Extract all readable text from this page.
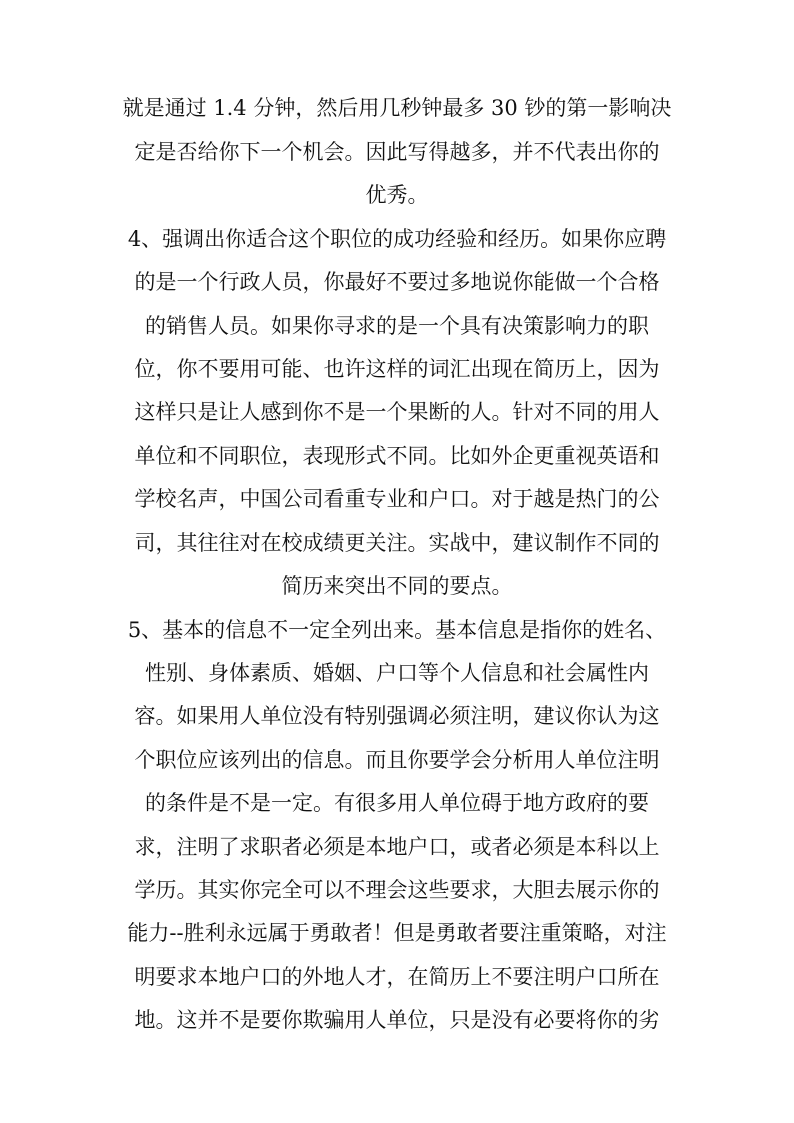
就是通过 1.4 分钟，然后用几秒钟最多 30 钞的第一影响决
定是否给你下一个机会。因此写得越多，并不代表出你的
优秀。
4、强调出你适合这个职位的成功经验和经历。如果你应聘
的是一个行政人员，你最好不要过多地说你能做一个合格
的销售人员。如果你寻求的是一个具有决策影响力的职
位，你不要用可能、也许这样的词汇出现在简历上，因为
这样只是让人感到你不是一个果断的人。针对不同的用人
单位和不同职位，表现形式不同。比如外企更重视英语和
学校名声，中国公司看重专业和户口。对于越是热门的公
司，其往往对在校成绩更关注。实战中，建议制作不同的
简历来突出不同的要点。
5、基本的信息不一定全列出来。基本信息是指你的姓名、
性别、身体素质、婚姻、户口等个人信息和社会属性内
容。如果用人单位没有特别强调必须注明，建议你认为这
个职位应该列出的信息。而且你要学会分析用人单位注明
的条件是不是一定。有很多用人单位碍于地方政府的要
求，注明了求职者必须是本地户口，或者必须是本科以上
学历。其实你完全可以不理会这些要求，大胆去展示你的
能力--胜利永远属于勇敢者！但是勇敢者要注重策略，对注
明要求本地户口的外地人才，在简历上不要注明户口所在
地。这并不是要你欺骗用人单位，只是没有必要将你的劣
